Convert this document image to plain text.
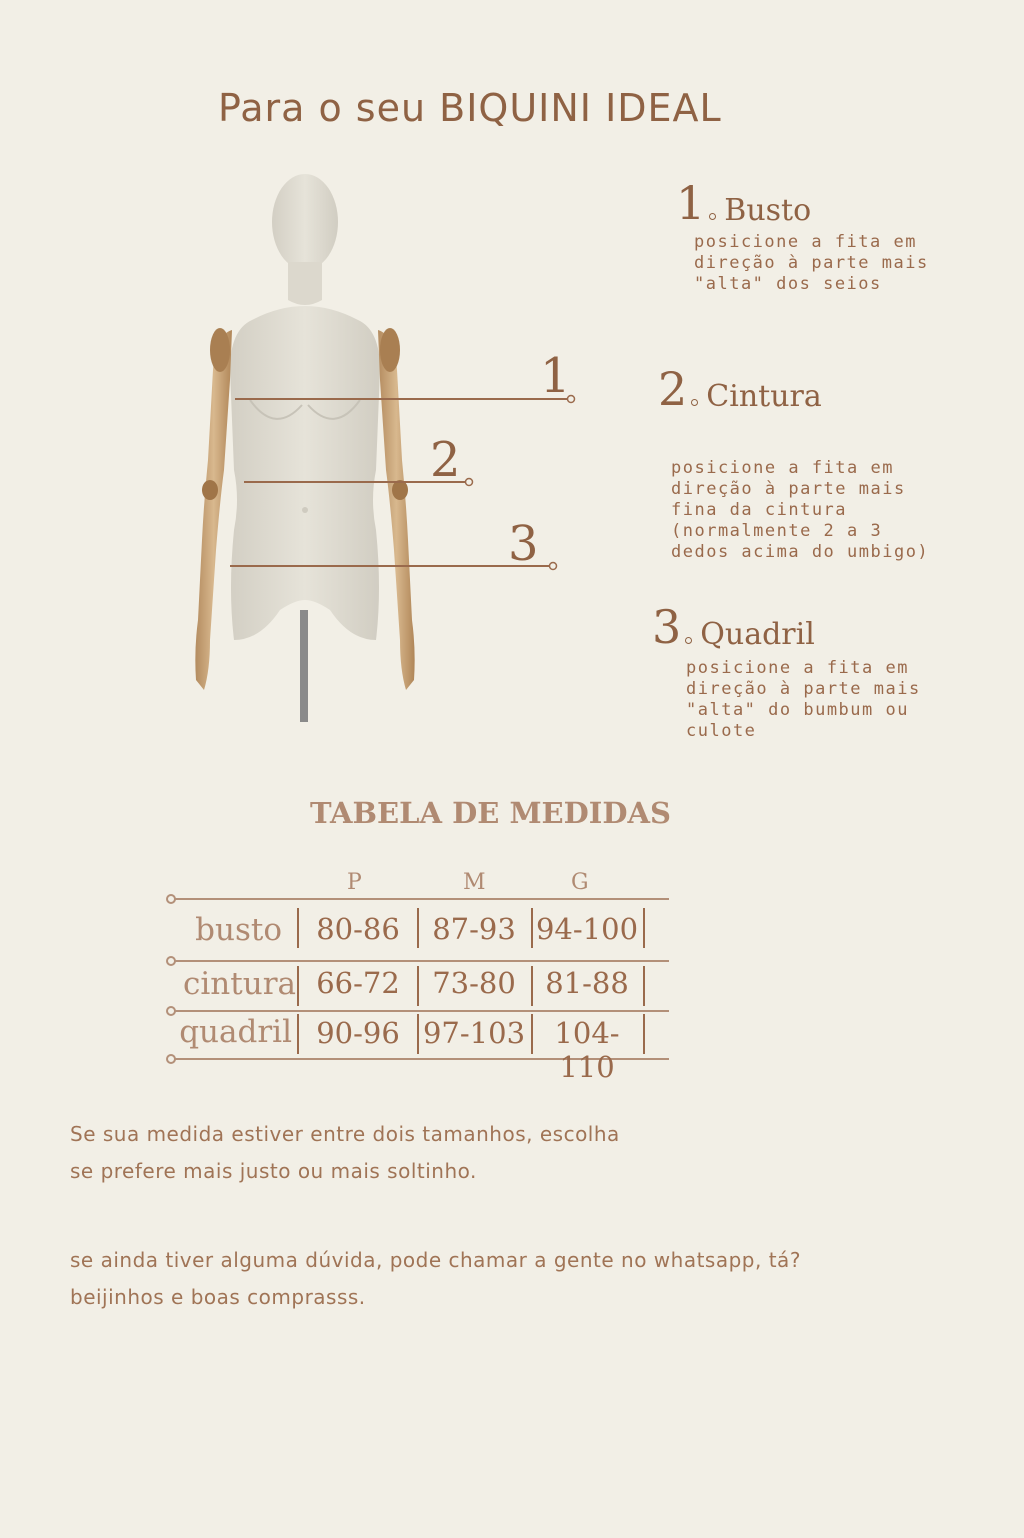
Para o seu BIQUINI IDEAL
1
2
3
1 Busto

posicione a fita em
direção à parte mais
"alta" dos seios

2 Cintura

posicione a fita em
direção à parte mais
fina da cintura
(normalmente 2 a 3
dedos acima do umbigo)

3 Quadril

posicione a fita em
direção à parte mais
"alta" do bumbum ou
culote

TABELA DE MEDIDAS
P	M	G
busto	80-86	87-93 94-100
cintura 66-72	73-80	81-88
quadril 90-96 97-103	104-110

Se sua medida estiver entre dois tamanhos, escolha

se prefere mais justo ou mais soltinho.

se ainda tiver alguma dúvida, pode chamar a gente no whatsapp, tá?

beijinhos e boas comprasss.
